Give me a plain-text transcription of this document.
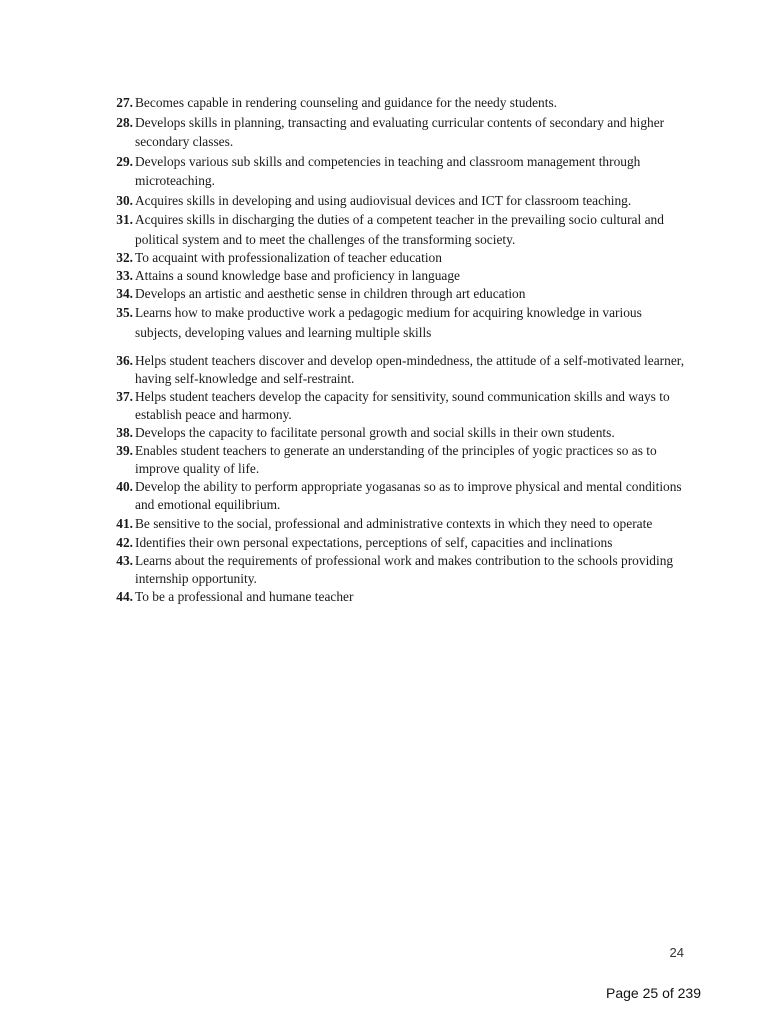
27. Becomes capable in rendering counseling and guidance for the needy students.
28. Develops skills in planning, transacting and evaluating curricular contents of secondary and higher secondary classes.
29. Develops various sub skills and competencies in teaching and classroom management through microteaching.
30. Acquires skills in developing and using audiovisual devices and ICT for classroom teaching.
31. Acquires skills in discharging the duties of a competent teacher in the prevailing socio cultural and political system and to meet the challenges of the transforming society.
32. To acquaint with professionalization of teacher education
33. Attains a sound knowledge base and proficiency in language
34. Develops an artistic and aesthetic sense in children through art education
35. Learns how to make productive work a pedagogic medium for acquiring knowledge in various subjects, developing values and learning multiple skills
36. Helps student teachers discover and develop open-mindedness, the attitude of a self-motivated learner, having self-knowledge and self-restraint.
37. Helps student teachers develop the capacity for sensitivity, sound communication skills and ways to establish peace and harmony.
38. Develops the capacity to facilitate personal growth and social skills in their own students.
39. Enables student teachers to generate an understanding of the principles of yogic practices so as to improve quality of life.
40. Develop the ability to perform appropriate yogasanas so as to improve physical and mental conditions and emotional equilibrium.
41. Be sensitive to the social, professional and administrative contexts in which they need to operate
42. Identifies their own personal expectations, perceptions of self, capacities and inclinations
43. Learns about the requirements of professional work and makes contribution to the schools providing internship opportunity.
44. To be a professional and humane teacher
24
Page 25 of 239
